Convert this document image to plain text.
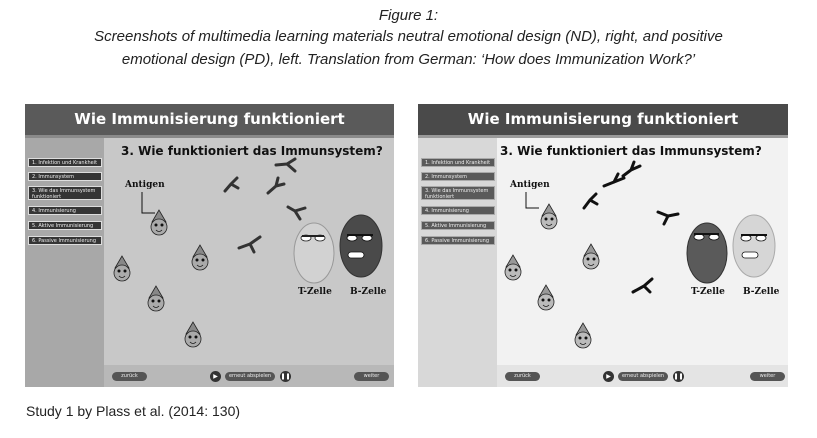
Figure 1:
Screenshots of multimedia learning materials neutral emotional design (ND), right, and positive
emotional design (PD), left. Translation from German: ‘How does Immunization Work?’
Wie Immunisierung funktioniert
1. Infektion und Krankheit
2. Immunsystem
3. Wie das Immunsystem funktioniert
4. Immunisierung
5. Aktive Immunisierung
6. Passive Immunisierung
3. Wie funktioniert das Immunsystem?
Antigen
T-Zelle B-Zelle
zurück	▶	erneut abspielen	❚❚	weiter
Wie Immunisierung funktioniert
1. Infektion und Krankheit
2. Immunsystem
3. Wie das Immunsystem funktioniert
4. Immunisierung
5. Aktive Immunisierung
6. Passive Immunisierung
3. Wie funktioniert das Immunsystem?
Antigen
T-Zelle B-Zelle
zurück	▶	erneut abspielen	❚❚	weiter
Study 1 by Plass et al. (2014: 130)
